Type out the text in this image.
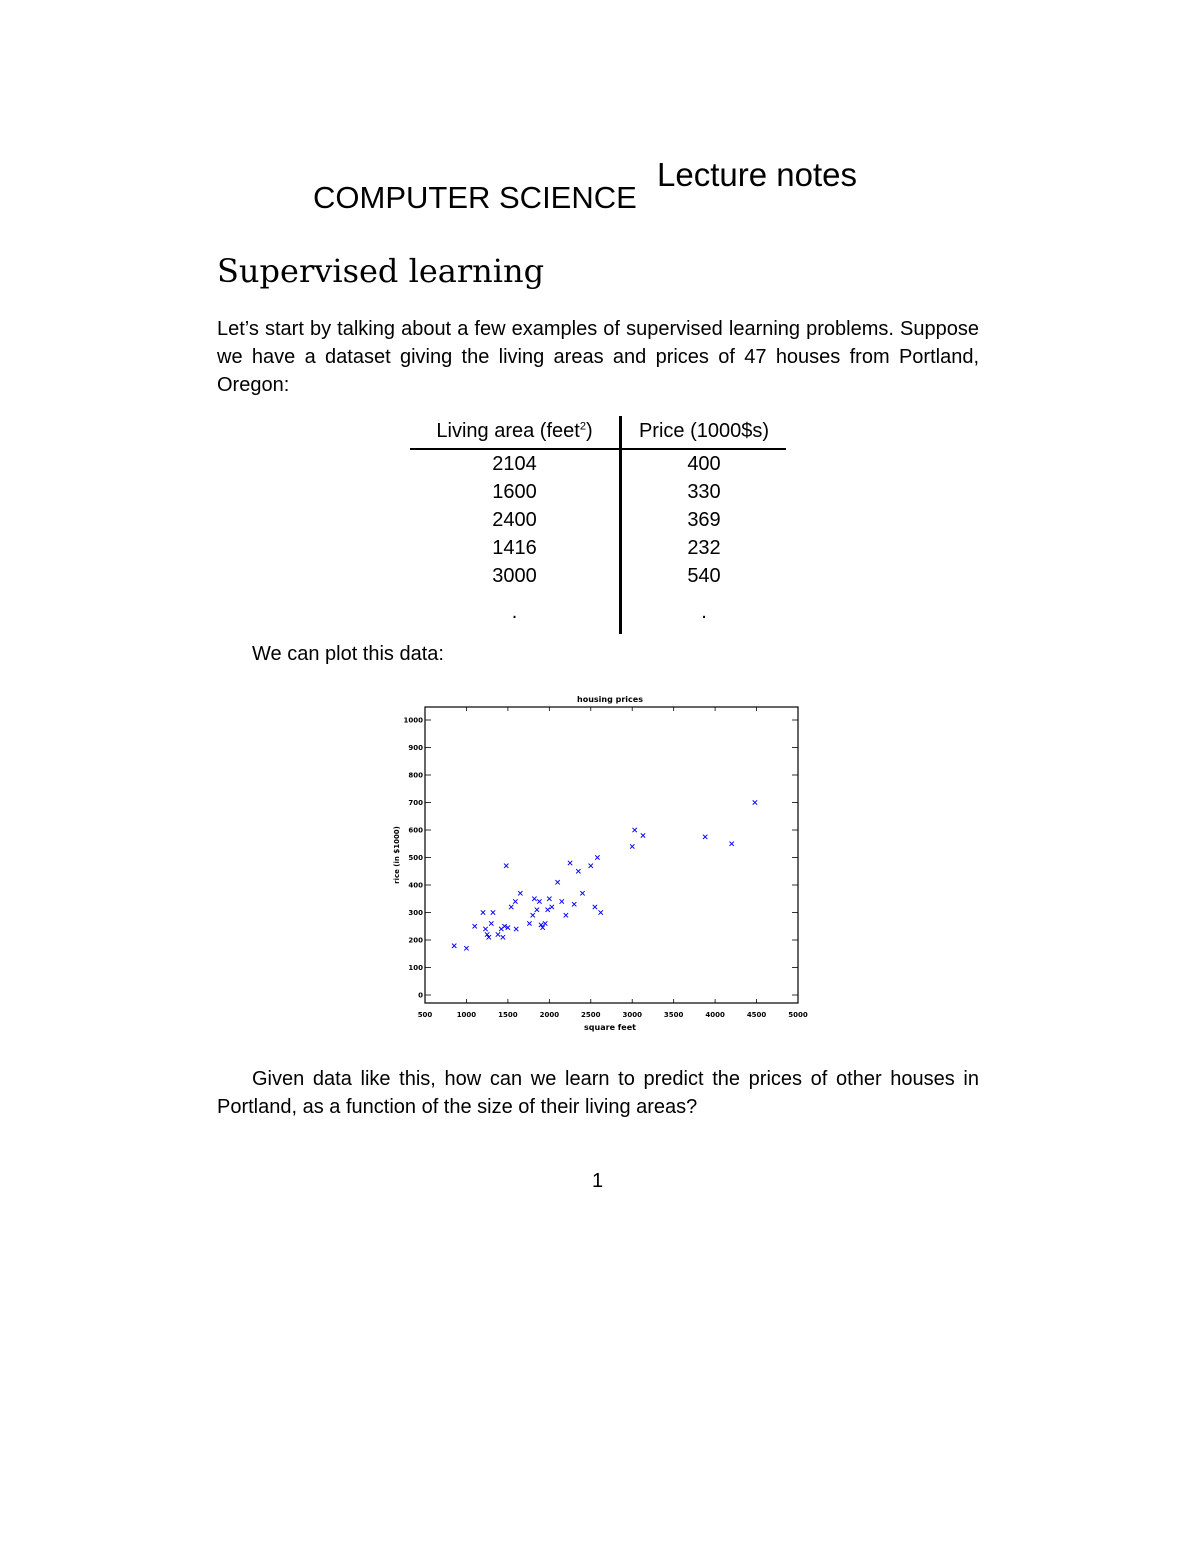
COMPUTER SCIENCE
Lecture notes
Supervised learning
Let’s start by talking about a few examples of supervised learning problems. Suppose we have a dataset giving the living areas and prices of 47 houses from Portland, Oregon:
Living area (feet$^2$)	Price (1000$s)
2104	400
1600	330
2400	369
1416	232
3000	540
.	.
We can plot this data:
housing prices
500	1000	1500	2000	2500	3000	3500	4000	4500	5000
0
100
200
300
400
500
600
700
800
900
1000
square feet
rice (in $1000)
Given data like this, how can we learn to predict the prices of other houses in Portland, as a function of the size of their living areas?
1
